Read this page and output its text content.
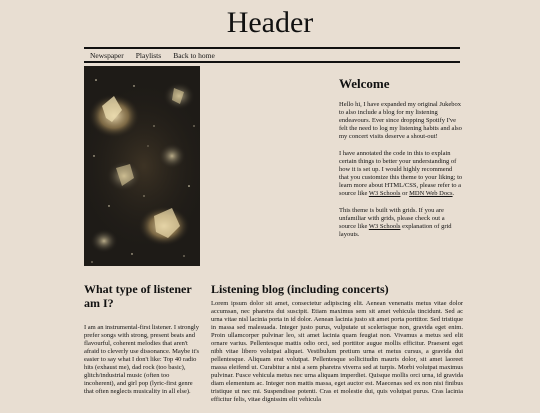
Header
Newspaper	Playlists	Back to home
Welcome

Hello hi, I have expanded my original Jukebox to also include a blog for my listening endeavours. Ever since dropping Spotify I've felt the need to log my listening habits and also my concert visits deserve a shout-out!

I have annotated the code in this to explain certain things to better your understanding of how it is set up. I would highly recommend that you customize this theme to your liking; to learn more about HTML/CSS, please refer to a source like W3 Schools or MDN Web Docs.

This theme is built with grids. If you are unfamiliar with grids, please check out a source like W3 Schools explanation of grid layouts.

What type of listener am I?

I am an instrumental-first listener. I strongly prefer songs with strong, present beats and flavourful, coherent melodies that aren't afraid to cleverly use dissonance. Maybe it's easier to say what I don't like: Top 40 radio hits (exhaust me), dad rock (too basic), glitch/industrial music (often too incoherent), and girl pop (lyric-first genre that often neglects musicality in all else).

Listening blog (including concerts)

Lorem ipsum dolor sit amet, consectetur adipiscing elit. Aenean venenatis metus vitae dolor accumsan, nec pharetra dui suscipit. Etiam maximus sem sit amet vehicula tincidunt. Sed ac urna vitae nisl lacinia porta in id dolor. Aenean lacinia justo sit amet porta porttitor. Sed tristique in massa sed malesuada. Integer justo purus, vulputate ut scelerisque non, gravida eget enim. Proin ullamcorper pulvinar leo, sit amet lacinia quam feugiat non. Vivamus a metus sed elit ornare varius. Pellentesque mattis odio orci, sed porttitor augue mollis efficitur. Praesent eget nibh vitae libero volutpat aliquet. Vestibulum pretium urna et metus cursus, a gravida dui pellentesque. Aliquam erat volutpat. Pellentesque sollicitudin mauris dolor, sit amet laoreet massa eleifend ut. Curabitur a nisi a sem pharetra viverra sed at turpis. Morbi volutpat maximus pulvinar. Fusce vehicula metus nec urna aliquam imperdiet. Quisque mollis orci urna, id gravida diam elementum ac. Integer non mattis massa, eget auctor est. Maecenas sed ex non nisi finibus tristique ut nec mi. Suspendisse potenti. Cras et molestie dui, quis volutpat purus. Cras lacinia efficitur felis, vitae dignissim elit vehicula
